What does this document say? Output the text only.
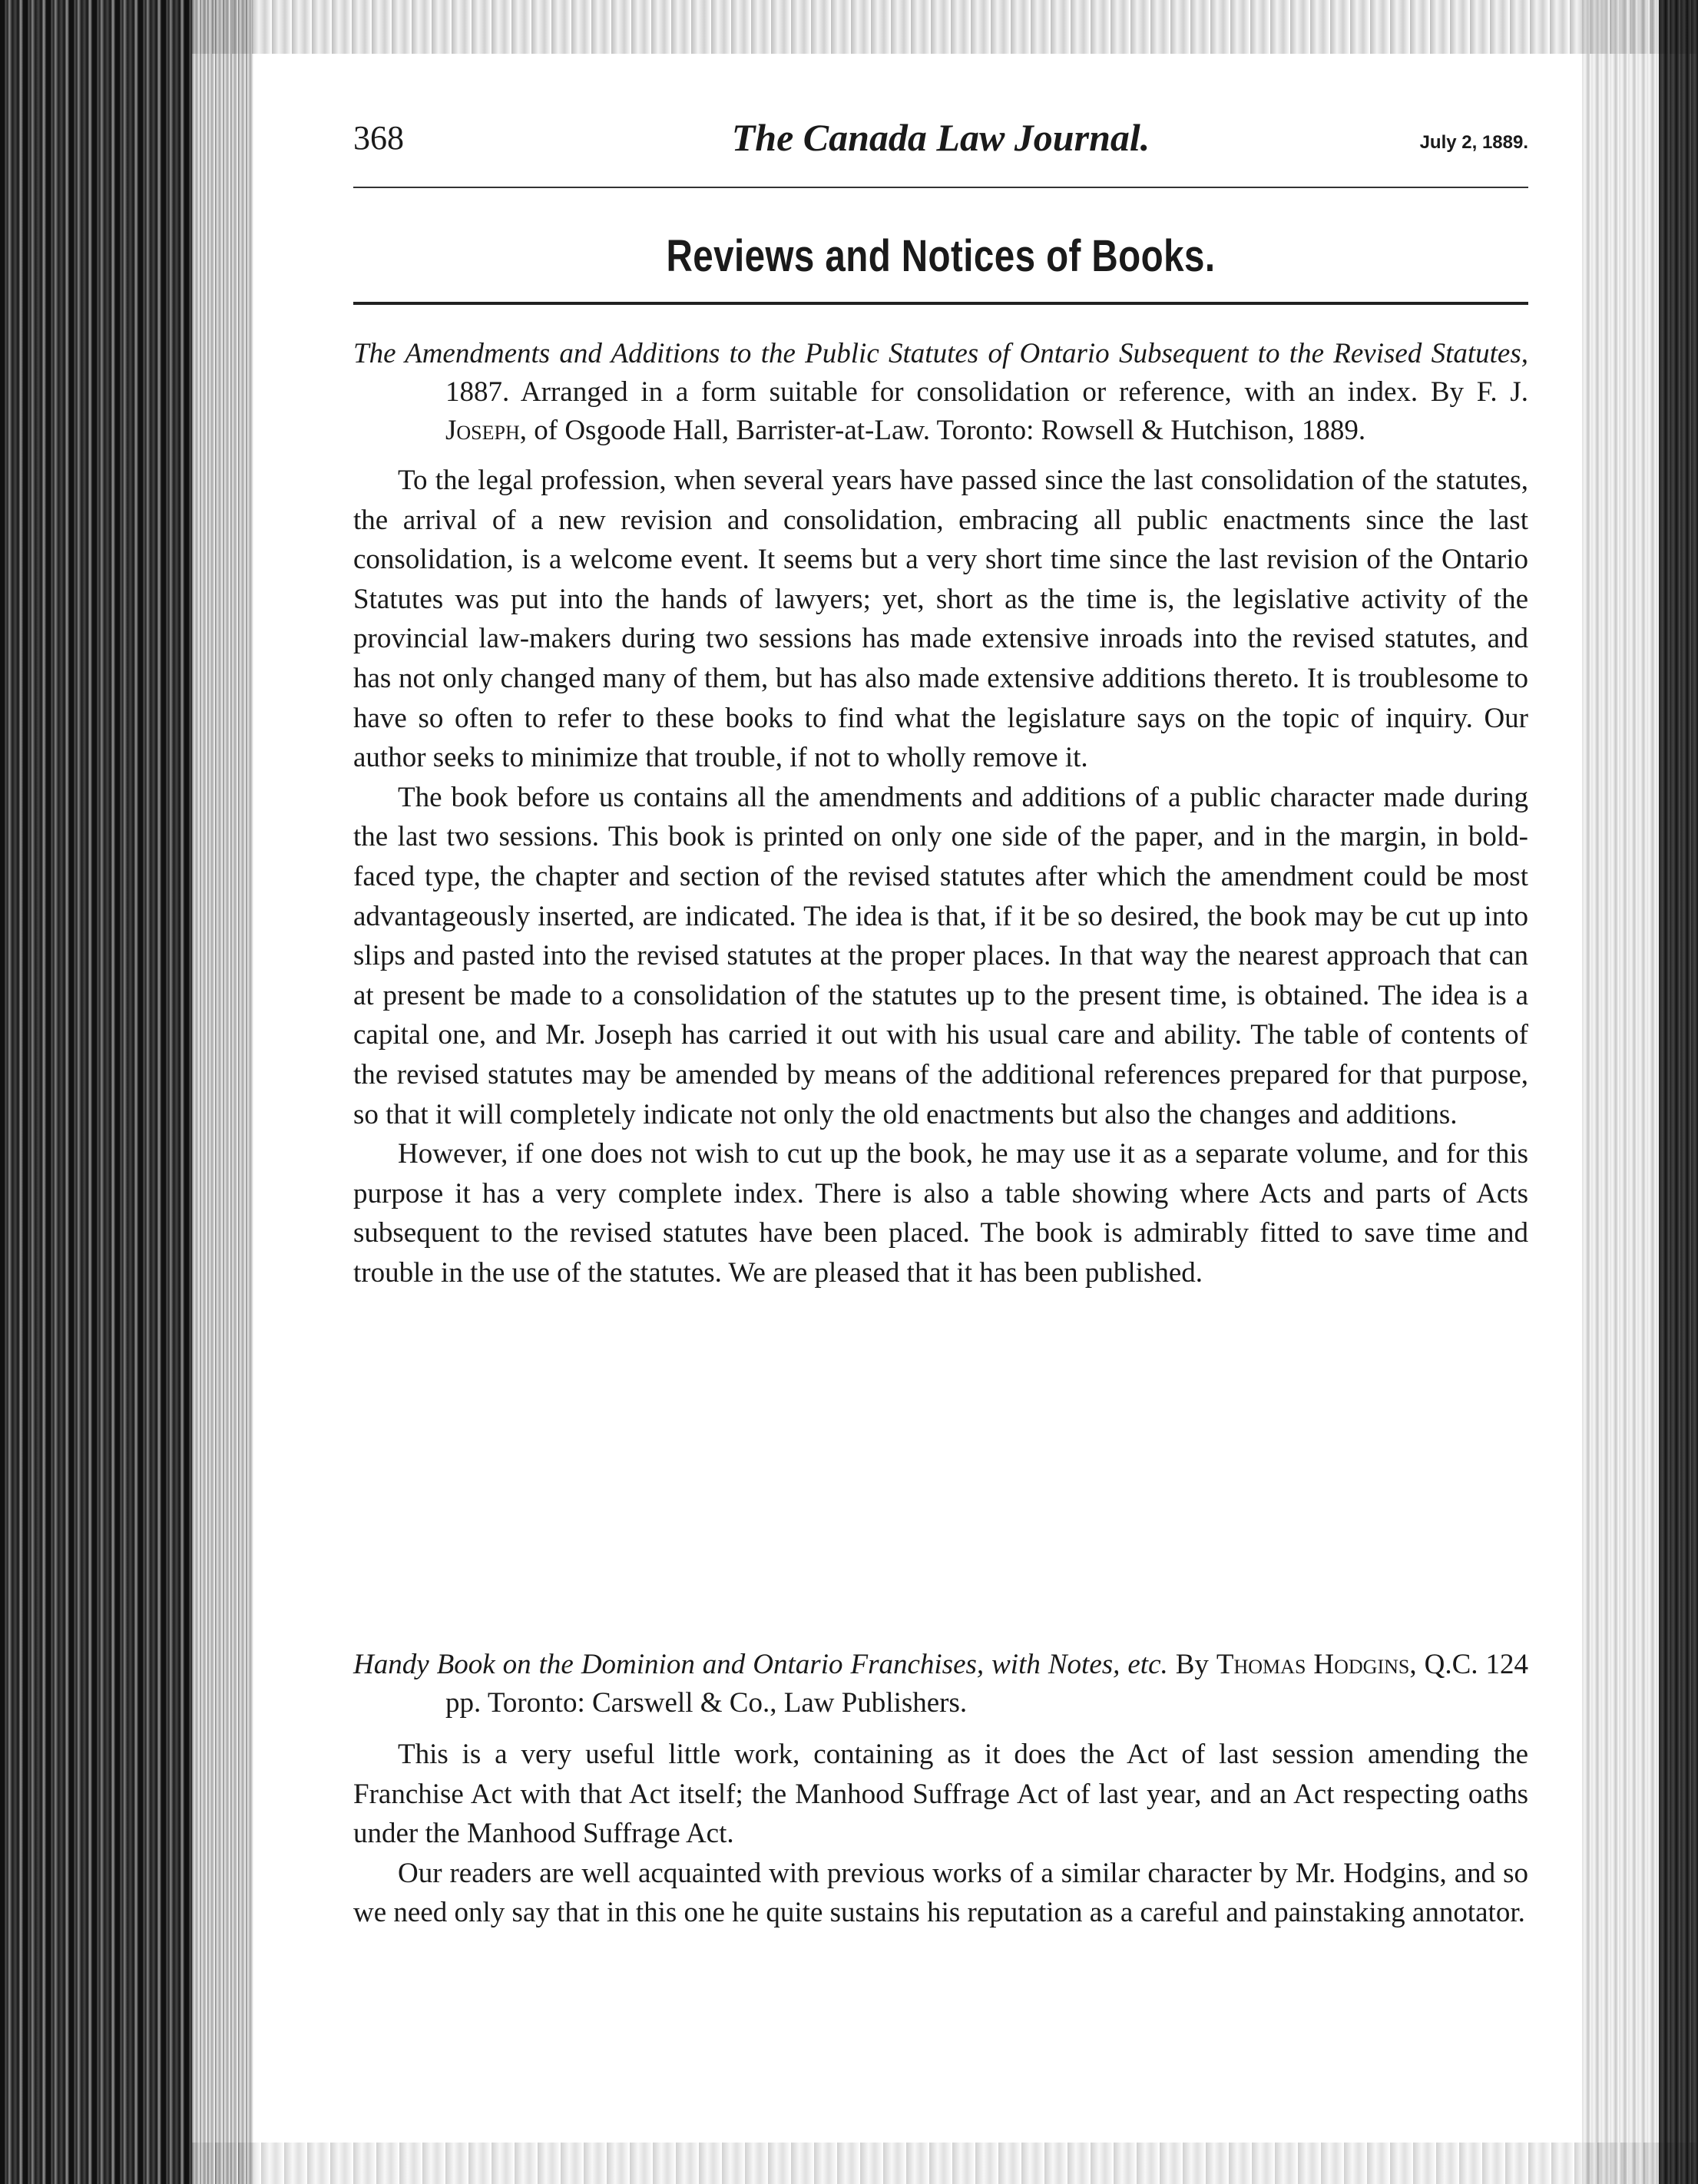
368	The Canada Law Journal.	July 2, 1889.
Reviews and Notices of Books.
The Amendments and Additions to the Public Statutes of Ontario Subsequent to the Revised Statutes, 1887. Arranged in a form suitable for consolidation or reference, with an index. By F. J. Joseph, of Osgoode Hall, Barrister-at-Law. Toronto: Rowsell & Hutchison, 1889.

To the legal profession, when several years have passed since the last consolidation of the statutes, the arrival of a new revision and consolidation, embracing all public enactments since the last consolidation, is a welcome event. It seems but a very short time since the last revision of the Ontario Statutes was put into the hands of lawyers; yet, short as the time is, the legislative activity of the provincial law-makers during two sessions has made extensive inroads into the revised statutes, and has not only changed many of them, but has also made extensive additions thereto. It is troublesome to have so often to refer to these books to find what the legislature says on the topic of inquiry. Our author seeks to minimize that trouble, if not to wholly remove it.

The book before us contains all the amendments and additions of a public character made during the last two sessions. This book is printed on only one side of the paper, and in the margin, in bold-faced type, the chapter and section of the revised statutes after which the amendment could be most advantageously inserted, are indicated. The idea is that, if it be so desired, the book may be cut up into slips and pasted into the revised statutes at the proper places. In that way the nearest approach that can at present be made to a consolidation of the statutes up to the present time, is obtained. The idea is a capital one, and Mr. Joseph has carried it out with his usual care and ability. The table of contents of the revised statutes may be amended by means of the additional references prepared for that purpose, so that it will completely indicate not only the old enactments but also the changes and additions.

However, if one does not wish to cut up the book, he may use it as a separate volume, and for this purpose it has a very complete index. There is also a table showing where Acts and parts of Acts subsequent to the revised statutes have been placed. The book is admirably fitted to save time and trouble in the use of the statutes. We are pleased that it has been published.

Handy Book on the Dominion and Ontario Franchises, with Notes, etc. By Thomas Hodgins, Q.C. 124 pp. Toronto: Carswell & Co., Law Publishers.

This is a very useful little work, containing as it does the Act of last session amending the Franchise Act with that Act itself; the Manhood Suffrage Act of last year, and an Act respecting oaths under the Manhood Suffrage Act.

Our readers are well acquainted with previous works of a similar character by Mr. Hodgins, and so we need only say that in this one he quite sustains his reputation as a careful and painstaking annotator.
